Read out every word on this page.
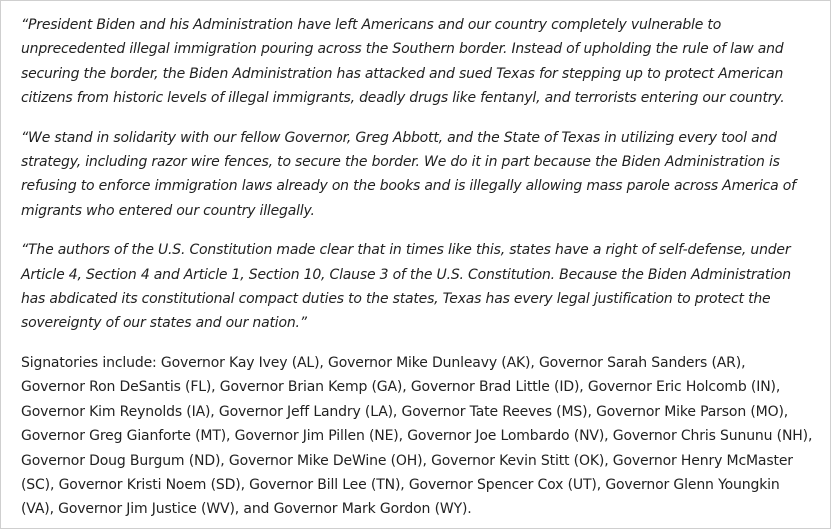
“President Biden and his Administration have left Americans and our country completely vulnerable to unprecedented illegal immigration pouring across the Southern border. Instead of upholding the rule of law and securing the border, the Biden Administration has attacked and sued Texas for stepping up to protect American citizens from historic levels of illegal immigrants, deadly drugs like fentanyl, and terrorists entering our country.

“We stand in solidarity with our fellow Governor, Greg Abbott, and the State of Texas in utilizing every tool and strategy, including razor wire fences, to secure the border. We do it in part because the Biden Administration is refusing to enforce immigration laws already on the books and is illegally allowing mass parole across America of migrants who entered our country illegally.

“The authors of the U.S. Constitution made clear that in times like this, states have a right of self-defense, under Article 4, Section 4 and Article 1, Section 10, Clause 3 of the U.S. Constitution. Because the Biden Administration has abdicated its constitutional compact duties to the states, Texas has every legal justification to protect the sovereignty of our states and our nation.”

Signatories include: Governor Kay Ivey (AL), Governor Mike Dunleavy (AK), Governor Sarah Sanders (AR), Governor Ron DeSantis (FL), Governor Brian Kemp (GA), Governor Brad Little (ID), Governor Eric Holcomb (IN), Governor Kim Reynolds (IA), Governor Jeff Landry (LA), Governor Tate Reeves (MS), Governor Mike Parson (MO), Governor Greg Gianforte (MT), Governor Jim Pillen (NE), Governor Joe Lombardo (NV), Governor Chris Sununu (NH), Governor Doug Burgum (ND), Governor Mike DeWine (OH), Governor Kevin Stitt (OK), Governor Henry McMaster (SC), Governor Kristi Noem (SD), Governor Bill Lee (TN), Governor Spencer Cox (UT), Governor Glenn Youngkin (VA), Governor Jim Justice (WV), and Governor Mark Gordon (WY).
